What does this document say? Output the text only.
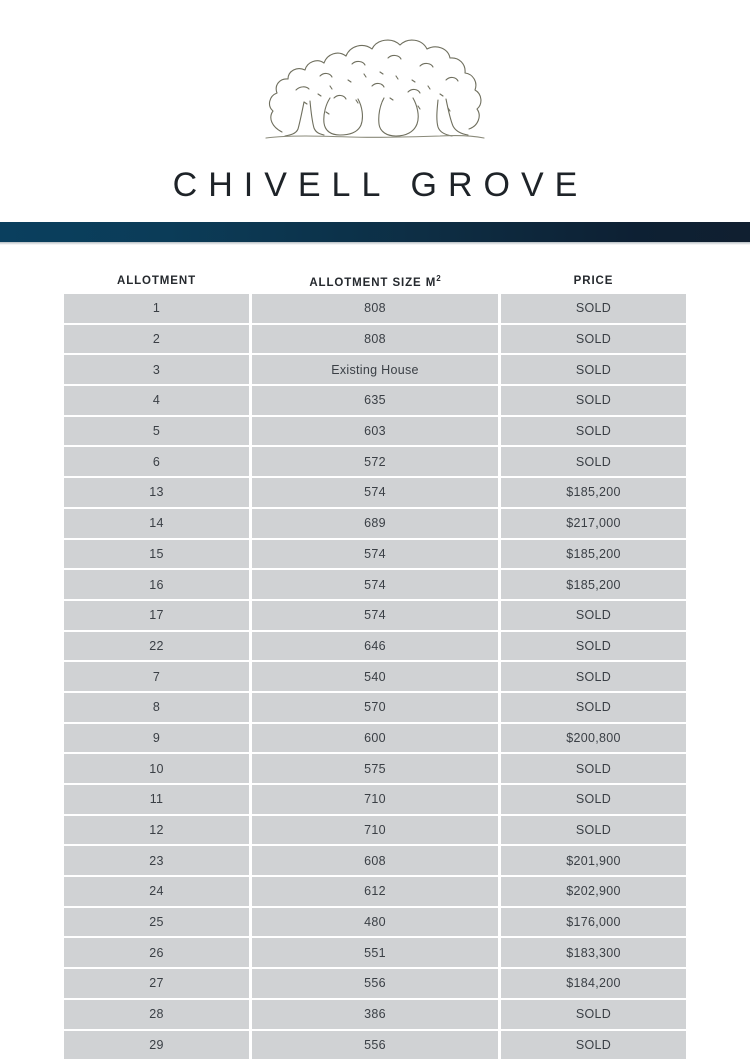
CHIVELL GROVE
ALLOTMENT	ALLOTMENT SIZE $M^2$	PRICE
1	808	SOLD
2	808	SOLD
3	Existing House	SOLD
4	635	SOLD
5	603	SOLD
6	572	SOLD
13	574	$185,200
14	689	$217,000
15	574	$185,200
16	574	$185,200
17	574	SOLD
22	646	SOLD
7	540	SOLD
8	570	SOLD
9	600	$200,800
10	575	SOLD
11	710	SOLD
12	710	SOLD
23	608	$201,900
24	612	$202,900
25	480	$176,000
26	551	$183,300
27	556	$184,200
28	386	SOLD
29	556	SOLD
